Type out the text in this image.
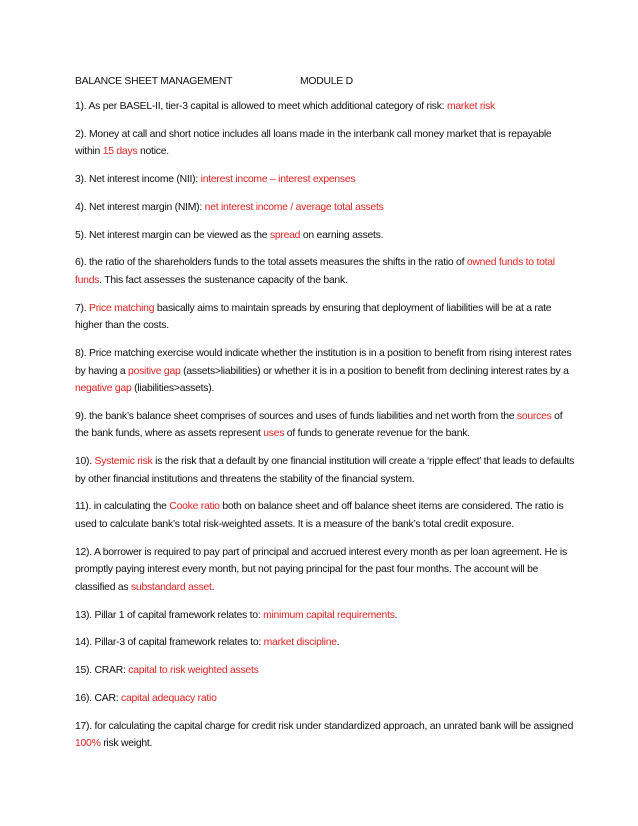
BALANCE SHEET MANAGEMENT	MODULE D

1). As per BASEL-II, tier-3 capital is allowed to meet which additional category of risk: market risk

2). Money at call and short notice includes all loans made in the interbank call money market that is repayable within 15 days notice.

3). Net interest income (NII): interest income – interest expenses

4). Net interest margin (NIM): net interest income / average total assets

5). Net interest margin can be viewed as the spread on earning assets.

6). the ratio of the shareholders funds to the total assets measures the shifts in the ratio of owned funds to total funds. This fact assesses the sustenance capacity of the bank.

7). Price matching basically aims to maintain spreads by ensuring that deployment of liabilities will be at a rate higher than the costs.

8). Price matching exercise would indicate whether the institution is in a position to benefit from rising interest rates by having a positive gap (assets>liabilities) or whether it is in a position to benefit from declining interest rates by a negative gap (liabilities>assets).

9). the bank’s balance sheet comprises of sources and uses of funds liabilities and net worth from the sources of the bank funds, where as assets represent uses of funds to generate revenue for the bank.

10). Systemic risk is the risk that a default by one financial institution will create a ‘ripple effect’ that leads to defaults by other financial institutions and threatens the stability of the financial system.

11). in calculating the Cooke ratio both on balance sheet and off balance sheet items are considered. The ratio is used to calculate bank’s total risk-weighted assets. It is a measure of the bank’s total credit exposure.

12). A borrower is required to pay part of principal and accrued interest every month as per loan agreement. He is promptly paying interest every month, but not paying principal for the past four months. The account will be classified as substandard asset.

13). Pillar 1 of capital framework relates to: minimum capital requirements.

14). Pillar-3 of capital framework relates to: market discipline.

15). CRAR: capital to risk weighted assets

16). CAR: capital adequacy ratio

17). for calculating the capital charge for credit risk under standardized approach, an unrated bank will be assigned 100% risk weight.
